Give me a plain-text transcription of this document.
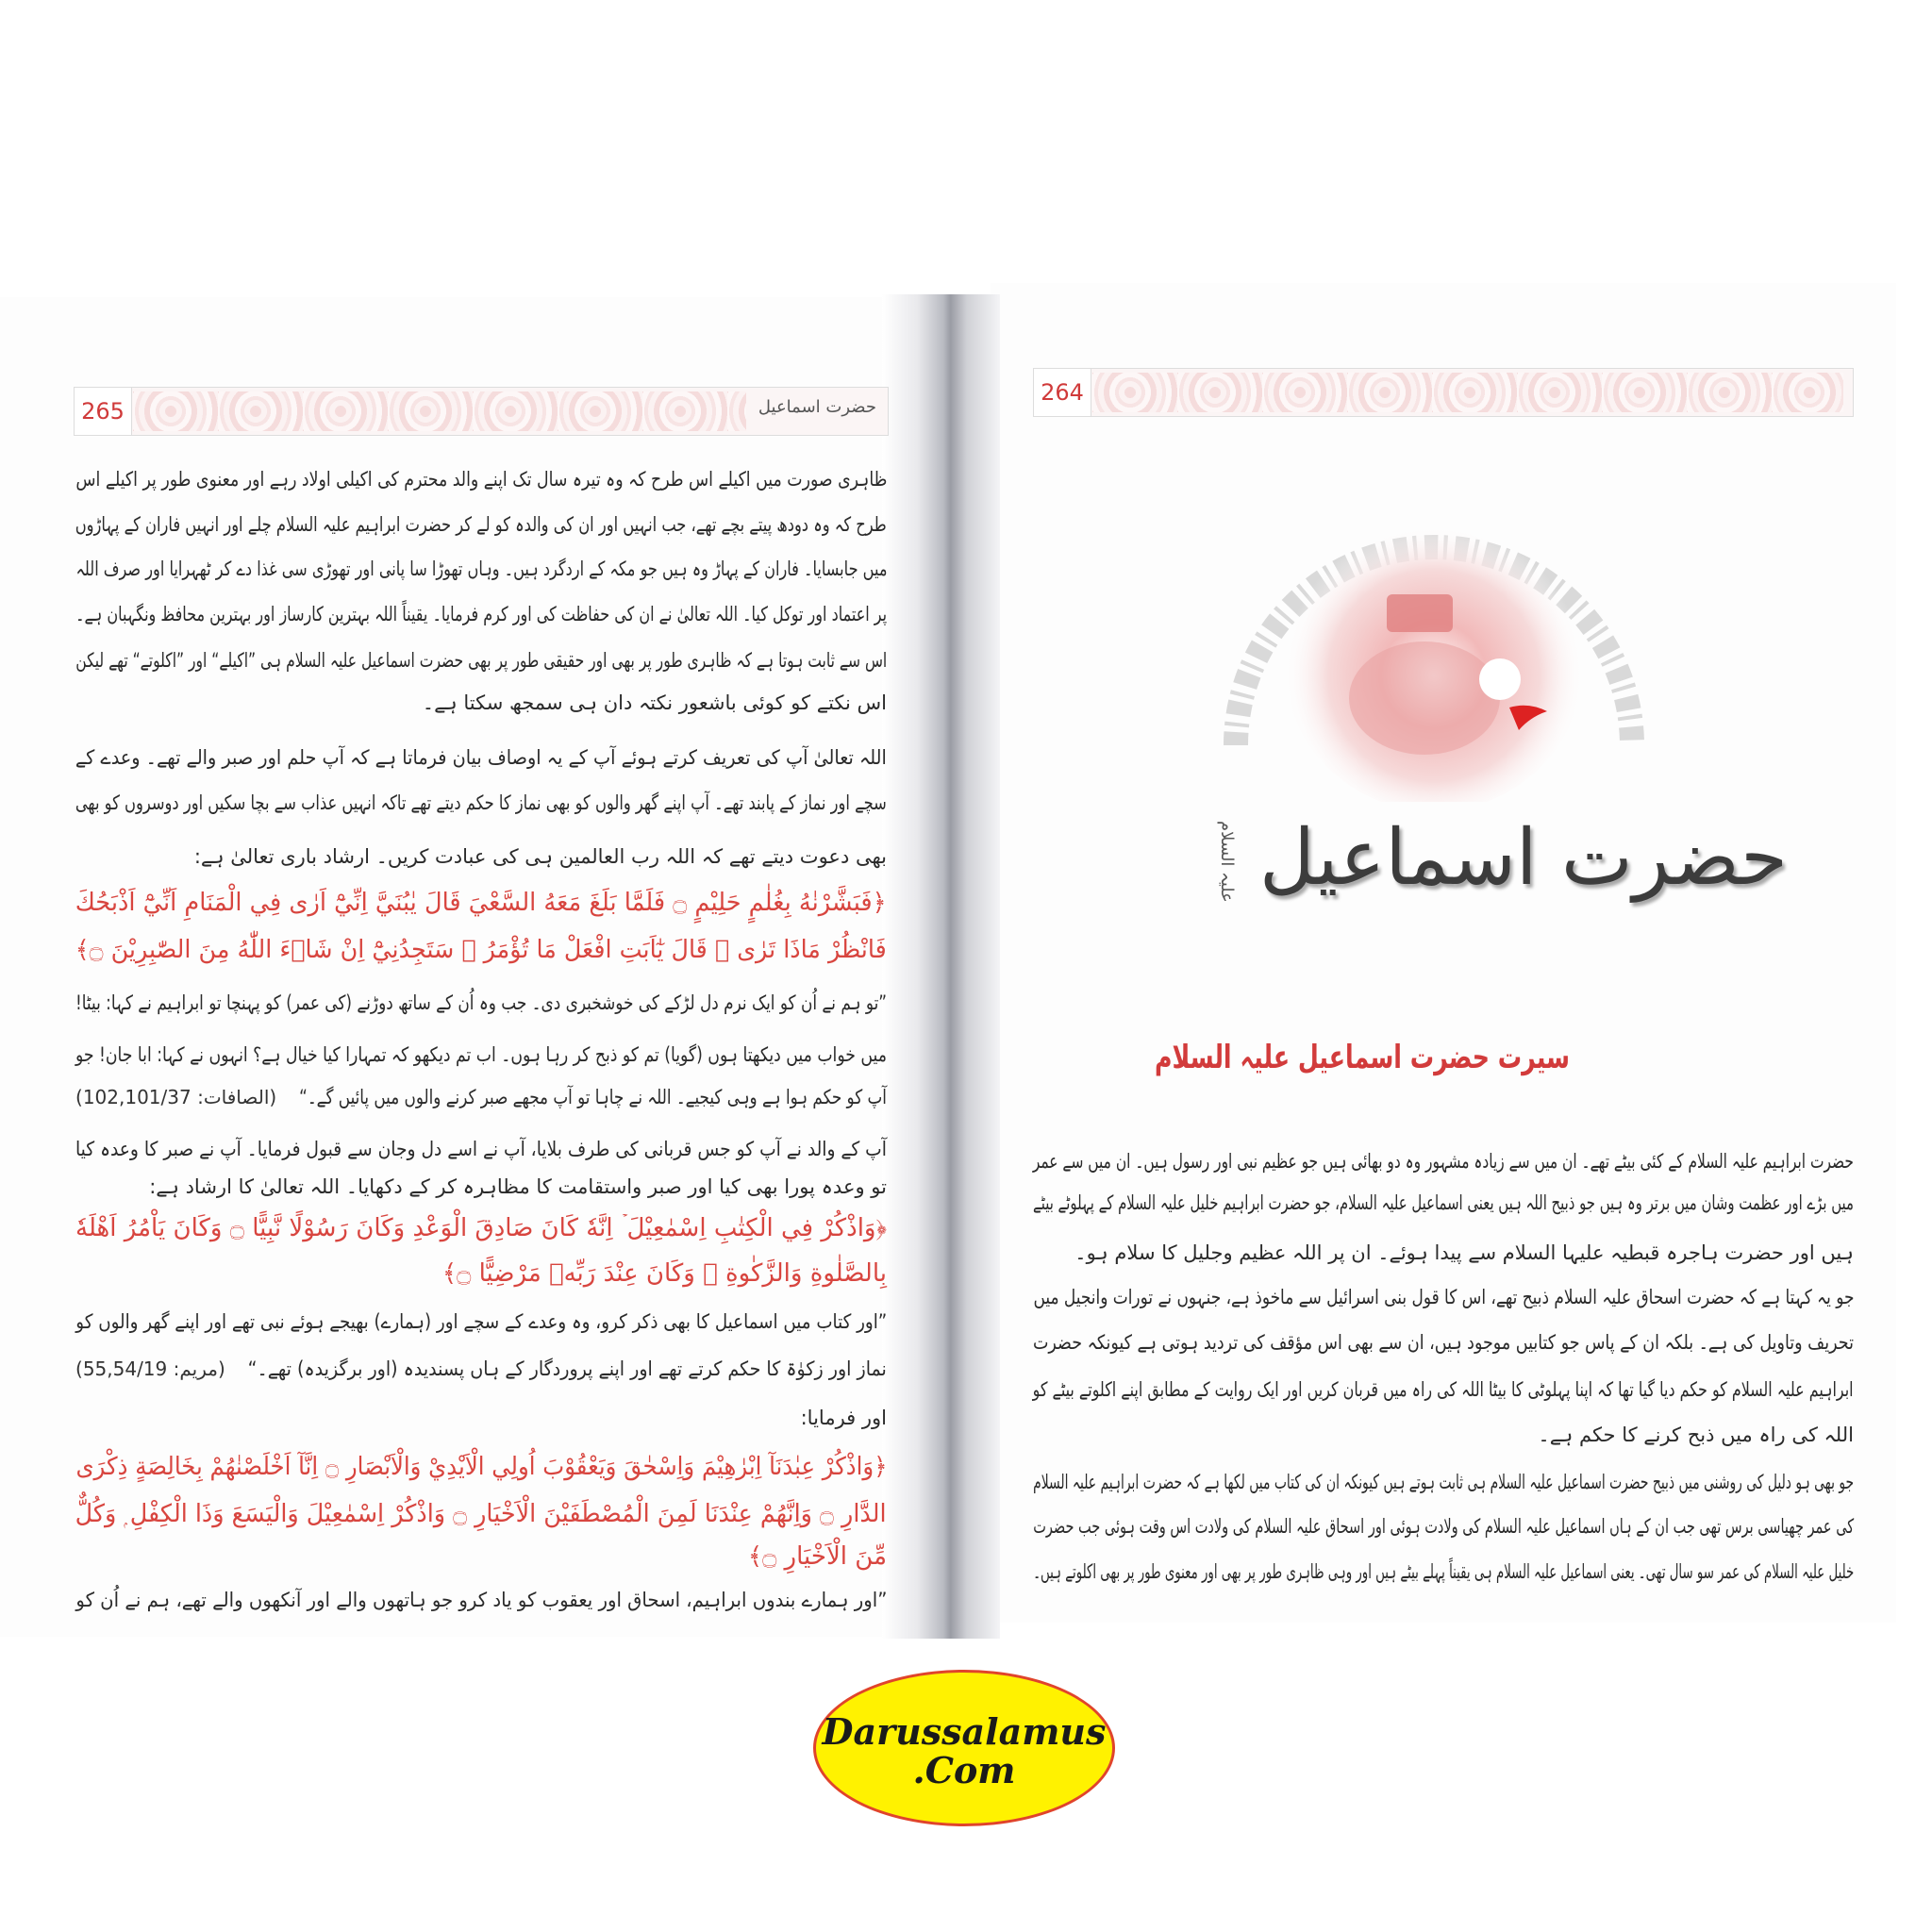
265	حضرت اسماعیل
264
ظاہری صورت میں اکیلے اس طرح کہ وہ تیرہ سال تک اپنے والد محترم کی اکیلی اولاد رہے اور معنوی طور پر اکیلے اس
طرح کہ وہ دودھ پیتے بچے تھے، جب انہیں اور ان کی والدہ کو لے کر حضرت ابراہیم علیہ السلام چلے اور انہیں فاران کے پہاڑوں
میں جابسایا۔ فاران کے پہاڑ وہ ہیں جو مکہ کے اردگرد ہیں۔ وہاں تھوڑا سا پانی اور تھوڑی سی غذا دے کر ٹھہرایا اور صرف اللہ
پر اعتماد اور توکل کیا۔ اللہ تعالیٰ نے ان کی حفاظت کی اور کرم فرمایا۔ یقیناً اللہ بہترین کارساز اور بہترین محافظ ونگہبان ہے۔
اس سے ثابت ہوتا ہے کہ ظاہری طور پر بھی اور حقیقی طور پر بھی حضرت اسماعیل علیہ السلام ہی ”اکیلے“ اور ”اکلوتے“ تھے لیکن
اس نکتے کو کوئی باشعور نکتہ دان ہی سمجھ سکتا ہے۔
اللہ تعالیٰ آپ کی تعریف کرتے ہوئے آپ کے یہ اوصاف بیان فرماتا ہے کہ آپ حلم اور صبر والے تھے۔ وعدے کے
سچے اور نماز کے پابند تھے۔ آپ اپنے گھر والوں کو بھی نماز کا حکم دیتے تھے تاکہ انہیں عذاب سے بچا سکیں اور دوسروں کو بھی
بھی دعوت دیتے تھے کہ اللہ رب العالمین ہی کی عبادت کریں۔ ارشاد باری تعالیٰ ہے:
﴿فَبَشَّرْنٰهُ بِغُلٰمٍ حَلِيْمٍ ۝ فَلَمَّا بَلَغَ مَعَهُ السَّعْيَ قَالَ يٰبُنَيَّ اِنِّيْٓ اَرٰى فِي الْمَنَامِ اَنِّيْٓ اَذْبَحُكَ
فَانْظُرْ مَاذَا تَرٰى ۭ قَالَ يٰٓاَبَتِ افْعَلْ مَا تُؤْمَرُ ۡ سَتَجِدُنِيْٓ اِنْ شَاۗءَ اللّٰهُ مِنَ الصّٰبِرِيْنَ ۝﴾
”تو ہم نے اُن کو ایک نرم دل لڑکے کی خوشخبری دی۔ جب وہ اُن کے ساتھ دوڑنے (کی عمر) کو پہنچا تو ابراہیم نے کہا: بیٹا!
میں خواب میں دیکھتا ہوں (گویا) تم کو ذبح کر رہا ہوں۔ اب تم دیکھو کہ تمہارا کیا خیال ہے؟ انہوں نے کہا: ابا جان! جو
آپ کو حکم ہوا ہے وہی کیجیے۔ اللہ نے چاہا تو آپ مجھے صبر کرنے والوں میں پائیں گے۔“
(الصافات: 102,101/37)
آپ کے والد نے آپ کو جس قربانی کی طرف بلایا، آپ نے اسے دل وجان سے قبول فرمایا۔ آپ نے صبر کا وعدہ کیا
تو وعدہ پورا بھی کیا اور صبر واستقامت کا مظاہرہ کر کے دکھایا۔ اللہ تعالیٰ کا ارشاد ہے:
﴿وَاذْكُرْ فِي الْكِتٰبِ اِسْمٰعِيْلَ ۡ اِنَّهٗ كَانَ صَادِقَ الْوَعْدِ وَكَانَ رَسُوْلًا نَّبِيًّا ۝ وَكَانَ يَاْمُرُ اَهْلَهٗ
بِالصَّلٰوةِ وَالزَّكٰوةِ ۠ وَكَانَ عِنْدَ رَبِّهٖ مَرْضِيًّا ۝﴾
”اور کتاب میں اسماعیل کا بھی ذکر کرو، وہ وعدے کے سچے اور (ہمارے) بھیجے ہوئے نبی تھے اور اپنے گھر والوں کو
نماز اور زکوٰۃ کا حکم کرتے تھے اور اپنے پروردگار کے ہاں پسندیدہ (اور برگزیدہ) تھے۔“
(مریم: 55,54/19)
اور فرمایا:
﴿وَاذْكُرْ عِبٰدَنَآ اِبْرٰهِيْمَ وَاِسْحٰقَ وَيَعْقُوْبَ اُولِي الْاَيْدِيْ وَالْاَبْصَارِ ۝ اِنَّآ اَخْلَصْنٰهُمْ بِخَالِصَةٍ ذِكْرَى
الدَّارِ ۝ وَاِنَّهُمْ عِنْدَنَا لَمِنَ الْمُصْطَفَيْنَ الْاَخْيَارِ ۝ وَاذْكُرْ اِسْمٰعِيْلَ وَالْيَسَعَ وَذَا الْكِفْلِ ۭ وَكُلٌّ
مِّنَ الْاَخْيَارِ ۝﴾
”اور ہمارے بندوں ابراہیم، اسحاق اور یعقوب کو یاد کرو جو ہاتھوں والے اور آنکھوں والے تھے، ہم نے اُن کو
حضرت ابراہیم علیہ السلام کے کئی بیٹے تھے۔ ان میں سے زیادہ مشہور وہ دو بھائی ہیں جو عظیم نبی اور رسول ہیں۔ ان میں سے عمر
میں بڑے اور عظمت وشان میں برتر وہ ہیں جو ذبیح اللہ ہیں یعنی اسماعیل علیہ السلام، جو حضرت ابراہیم خلیل علیہ السلام کے پہلوٹے بیٹے
ہیں اور حضرت ہاجرہ قبطیہ علیہا السلام سے پیدا ہوئے۔ ان پر اللہ عظیم وجلیل کا سلام ہو۔
جو یہ کہتا ہے کہ حضرت اسحاق علیہ السلام ذبیح تھے، اس کا قول بنی اسرائیل سے ماخوذ ہے، جنہوں نے تورات وانجیل میں
تحریف وتاویل کی ہے۔ بلکہ ان کے پاس جو کتابیں موجود ہیں، ان سے بھی اس مؤقف کی تردید ہوتی ہے کیونکہ حضرت
ابراہیم علیہ السلام کو حکم دیا گیا تھا کہ اپنا پہلوٹی کا بیٹا اللہ کی راہ میں قربان کریں اور ایک روایت کے مطابق اپنے اکلوتے بیٹے کو
اللہ کی راہ میں ذبح کرنے کا حکم ہے۔
جو بھی ہو دلیل کی روشنی میں ذبیح حضرت اسماعیل علیہ السلام ہی ثابت ہوتے ہیں کیونکہ ان کی کتاب میں لکھا ہے کہ حضرت ابراہیم علیہ السلام
کی عمر چھیاسی برس تھی جب ان کے ہاں اسماعیل علیہ السلام کی ولادت ہوئی اور اسحاق علیہ السلام کی ولادت اس وقت ہوئی جب حضرت
خلیل علیہ السلام کی عمر سو سال تھی۔ یعنی اسماعیل علیہ السلام ہی یقیناً پہلے بیٹے ہیں اور وہی ظاہری طور پر بھی اور معنوی طور پر بھی اکلوتے ہیں۔
حضرت اسماعیل
علیہ السلام
سیرت حضرت اسماعیل علیہ السلام
Darussalamus
.Com
